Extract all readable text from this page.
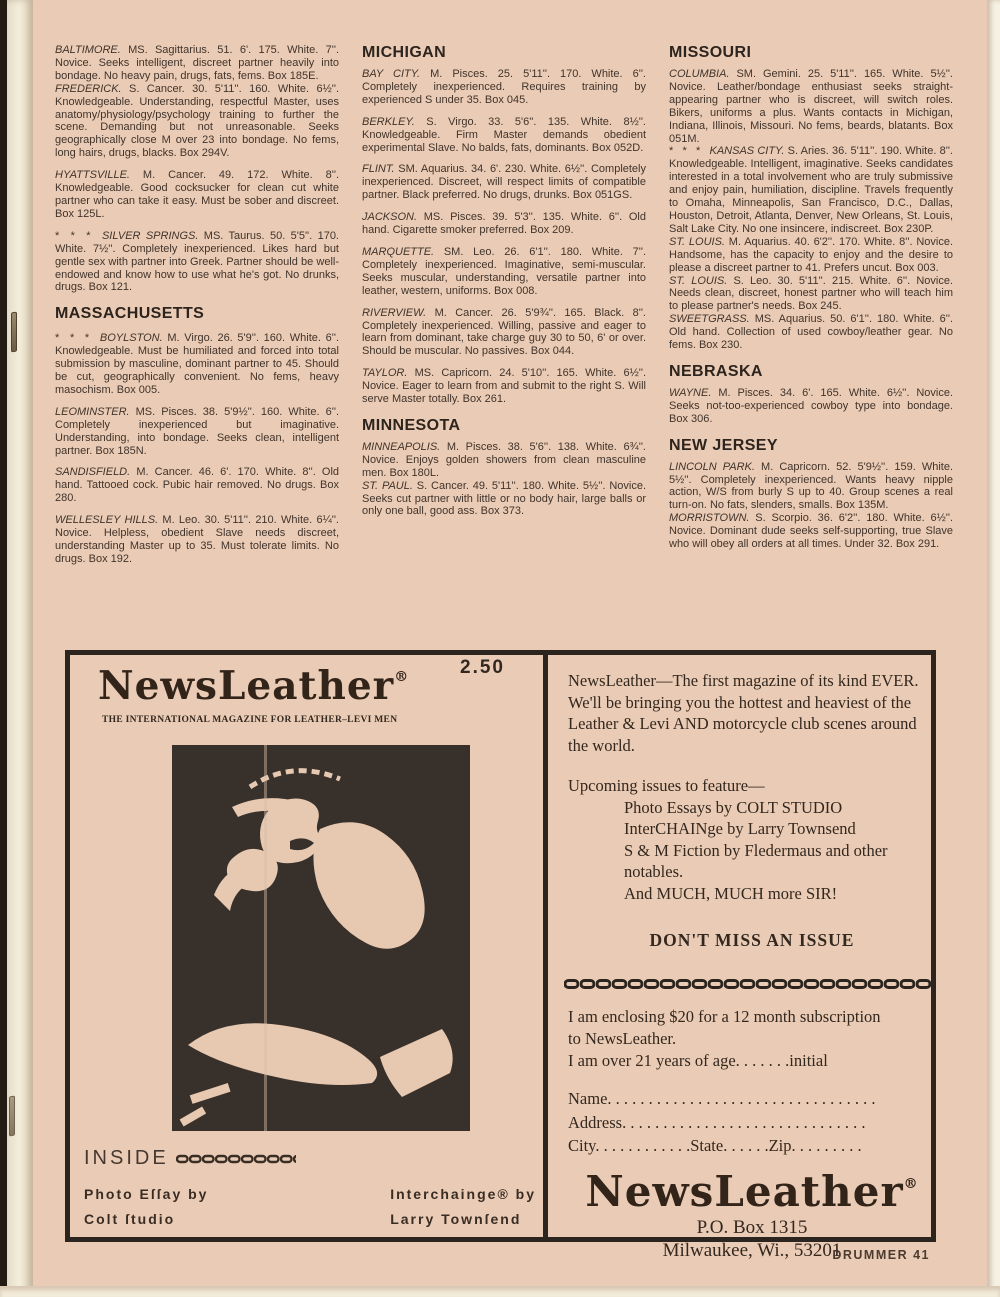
BALTIMORE. MS. Sagittarius. 51. 6'. 175. White. 7''. Novice. Seeks intelligent, discreet partner heavily into bondage. No heavy pain, drugs, fats, fems. Box 185E.

FREDERICK. S. Cancer. 30. 5'11''. 160. White. 6½''. Knowledgeable. Understanding, respectful Master, uses anatomy/physiology/psychology training to further the scene. Demanding but not unreasonable. Seeks geographically close M over 23 into bondage. No fems, long hairs, drugs, blacks. Box 294V.

HYATTSVILLE. M. Cancer. 49. 172. White. 8''. Knowledgeable. Good cocksucker for clean cut white partner who can take it easy. Must be sober and discreet. Box 125L.

* * * SILVER SPRINGS. MS. Taurus. 50. 5'5''. 170. White. 7½''. Completely inexperienced. Likes hard but gentle sex with partner into Greek. Partner should be well-endowed and know how to use what he's got. No drunks, drugs. Box 121.

MASSACHUSETTS

* * * BOYLSTON. M. Virgo. 26. 5'9''. 160. White. 6''. Knowledgeable. Must be humiliated and forced into total submission by masculine, dominant partner to 45. Should be cut, geographically convenient. No fems, heavy masochism. Box 005.

LEOMINSTER. MS. Pisces. 38. 5'9½''. 160. White. 6''. Completely inexperienced but imaginative. Understanding, into bondage. Seeks clean, intelligent partner. Box 185N.

SANDISFIELD. M. Cancer. 46. 6'. 170. White. 8''. Old hand. Tattooed cock. Pubic hair removed. No drugs. Box 280.

WELLESLEY HILLS. M. Leo. 30. 5'11''. 210. White. 6¼''. Novice. Helpless, obedient Slave needs discreet, understanding Master up to 35. Must tolerate limits. No drugs. Box 192.

MICHIGAN

BAY CITY. M. Pisces. 25. 5'11''. 170. White. 6''. Completely inexperienced. Requires training by experienced S under 35. Box 045.

BERKLEY. S. Virgo. 33. 5'6''. 135. White. 8½''. Knowledgeable. Firm Master demands obedient experimental Slave. No balds, fats, dominants. Box 052D.

FLINT. SM. Aquarius. 34. 6'. 230. White. 6½''. Completely inexperienced. Discreet, will respect limits of compatible partner. Black preferred. No drugs, drunks. Box 051GS.

JACKSON. MS. Pisces. 39. 5'3''. 135. White. 6''. Old hand. Cigarette smoker preferred. Box 209.

MARQUETTE. SM. Leo. 26. 6'1''. 180. White. 7''. Completely inexperienced. Imaginative, semi-muscular. Seeks muscular, understanding, versatile partner into leather, western, uniforms. Box 008.

RIVERVIEW. M. Cancer. 26. 5'9¾''. 165. Black. 8''. Completely inexperienced. Willing, passive and eager to learn from dominant, take charge guy 30 to 50, 6' or over. Should be muscular. No passives. Box 044.

TAYLOR. MS. Capricorn. 24. 5'10''. 165. White. 6½''. Novice. Eager to learn from and submit to the right S. Will serve Master totally. Box 261.

MINNESOTA

MINNEAPOLIS. M. Pisces. 38. 5'6''. 138. White. 6¾''. Novice. Enjoys golden showers from clean masculine men. Box 180L.

ST. PAUL. S. Cancer. 49. 5'11''. 180. White. 5½''. Novice. Seeks cut partner with little or no body hair, large balls or only one ball, good ass. Box 373.

MISSOURI

COLUMBIA. SM. Gemini. 25. 5'11''. 165. White. 5½''. Novice. Leather/bondage enthusiast seeks straight-appearing partner who is discreet, will switch roles. Bikers, uniforms a plus. Wants contacts in Michigan, Indiana, Illinois, Missouri. No fems, beards, blatants. Box 051M.

* * * KANSAS CITY. S. Aries. 36. 5'11''. 190. White. 8''. Knowledgeable. Intelligent, imaginative. Seeks candidates interested in a total involvement who are truly submissive and enjoy pain, humiliation, discipline. Travels frequently to Omaha, Minneapolis, San Francisco, D.C., Dallas, Houston, Detroit, Atlanta, Denver, New Orleans, St. Louis, Salt Lake City. No one insincere, indiscreet. Box 230P.

ST. LOUIS. M. Aquarius. 40. 6'2''. 170. White. 8''. Novice. Handsome, has the capacity to enjoy and the desire to please a discreet partner to 41. Prefers uncut. Box 003.

ST. LOUIS. S. Leo. 30. 5'11''. 215. White. 6''. Novice. Needs clean, discreet, honest partner who will teach him to please partner's needs. Box 245.

SWEETGRASS. MS. Aquarius. 50. 6'1''. 180. White. 6''. Old hand. Collection of used cowboy/leather gear. No fems. Box 230.

NEBRASKA

WAYNE. M. Pisces. 34. 6'. 165. White. 6½''. Novice. Seeks not-too-experienced cowboy type into bondage. Box 306.

NEW JERSEY

LINCOLN PARK. M. Capricorn. 52. 5'9½''. 159. White. 5½''. Completely inexperienced. Wants heavy nipple action, W/S from burly S up to 40. Group scenes a real turn-on. No fats, slenders, smalls. Box 135M.

MORRISTOWN. S. Scorpio. 36. 6'2''. 180. White. 6½''. Novice. Dominant dude seeks self-supporting, true Slave who will obey all orders at all times. Under 32. Box 291.

NewsLeather®	2.50
THE INTERNATIONAL MAGAZINE FOR LEATHER–LEVI MEN
INSIDE
Photo Eſſay by
Colt ſtudio
Interchainge® by
Larry Townſend
NewsLeather––The first magazine of its kind EVER. We'll be bringing you the hottest and heaviest of the Leather & Levi AND motorcycle club scenes around the world.
Upcoming issues to feature––
Photo Essays by COLT STUDIO
InterCHAINge by Larry Townsend
S & M Fiction by Fledermaus and other notables.
And MUCH, MUCH more SIR!
DON'T MISS AN ISSUE
I am enclosing $20 for a 12 month subscription
to NewsLeather.
I am over 21 years of age. . . . . . .initial
Name. . . . . . . . . . . . . . . . . . . . . . . . . . . . . . . . .
Address. . . . . . . . . . . . . . . . . . . . . . . . . . . . . .
City. . . . . . . . . . . .State. . . . . .Zip. . . . . . . . .
NewsLeather®
P.O. Box 1315
Milwaukee, Wi., 53201
DRUMMER 41
